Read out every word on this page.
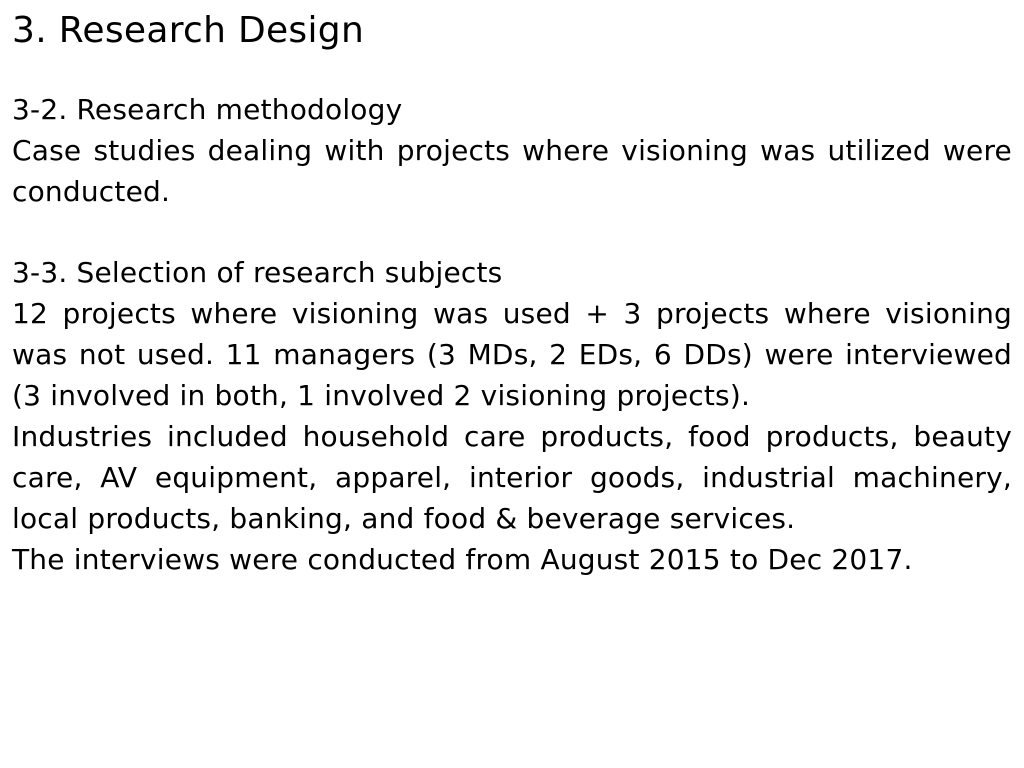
3. Research Design
3-2. Research methodology

Case studies dealing with projects where visioning was utilized were conducted.

3-3. Selection of research subjects

12 projects where visioning was used + 3 projects where visioning was not used. 11 managers (3 MDs, 2 EDs, 6 DDs) were interviewed (3 involved in both, 1 involved 2 visioning projects).

Industries included household care products, food products, beauty care, AV equipment, apparel, interior goods, industrial machinery, local products, banking, and food & beverage services.

The interviews were conducted from August 2015 to Dec 2017.
